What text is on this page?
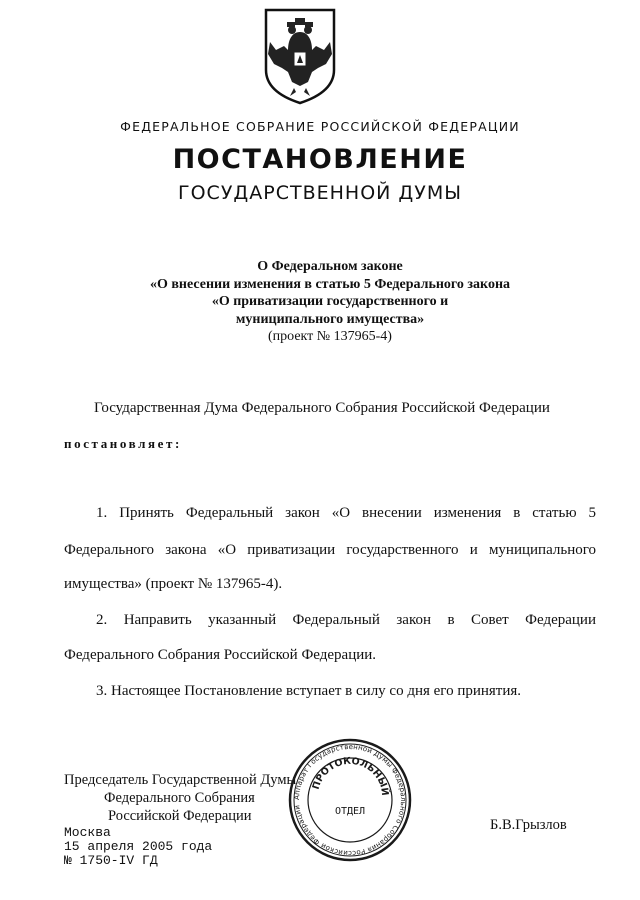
ФЕДЕРАЛЬНОЕ СОБРАНИЕ РОССИЙСКОЙ ФЕДЕРАЦИИ
ПОСТАНОВЛЕНИЕ
ГОСУДАРСТВЕННОЙ ДУМЫ
О Федеральном законе
«О внесении изменения в статью 5 Федерального закона
«О приватизации государственного и
муниципального имущества»
(проект № 137965-4)
Государственная Дума Федерального Собрания Российской Федерации
постановляет:
1. Принять Федеральный закон «О внесении изменения в статью 5
Федерального закона «О приватизации государственного и муниципального
имущества» (проект № 137965-4).
2. Направить указанный Федеральный закон в Совет Федерации
Федерального Собрания Российской Федерации.
3. Настоящее Постановление вступает в силу со дня его принятия.
Председатель Государственной Думы
Федерального Собрания
Российской Федерации
Б.В.Грызлов
Москва
15 апреля 2005 года
№ 1750-IV ГД
Аппарат Государственной Думы Федерального Собрания Российской Федерации
ПРОТОКОЛЬНЫЙ
ОТДЕЛ
